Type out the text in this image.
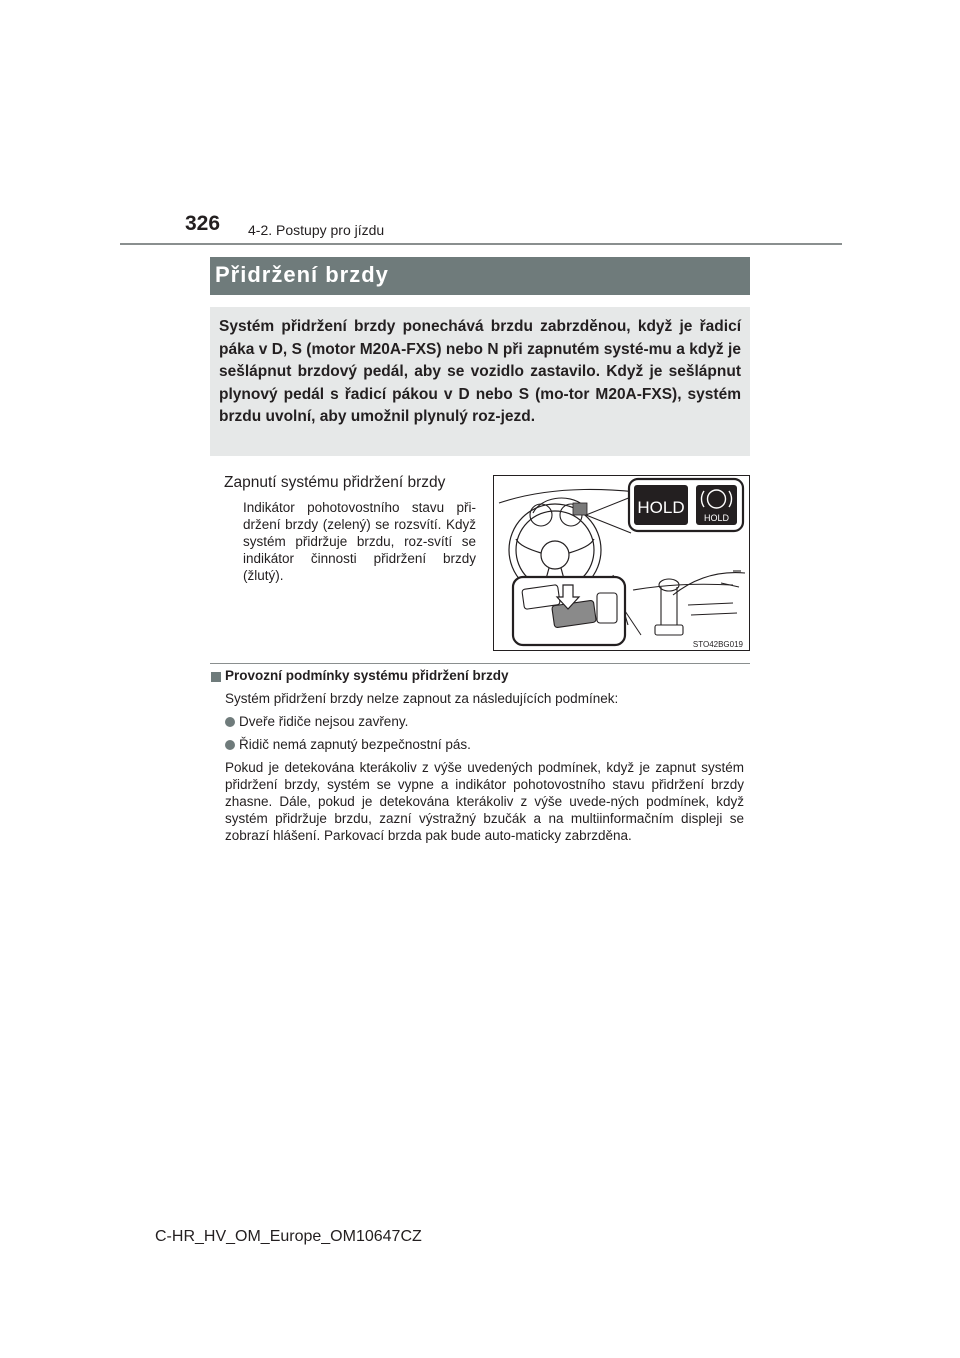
326 4-2. Postupy pro jízdu
Přidržení brzdy

Systém přidržení brzdy ponechává brzdu zabrzděnou, když je řadicí páka v D, S (motor M20A-FXS) nebo N při zapnutém systé-mu a když je sešlápnut brzdový pedál, aby se vozidlo zastavilo. Když je sešlápnut plynový pedál s řadicí pákou v D nebo S (mo-tor M20A-FXS), systém brzdu uvolní, aby umožnil plynulý roz-jezd.

Zapnutí systému přidržení brzdy
Indikátor pohotovostního stavu při-držení brzdy (zelený) se rozsvítí. Když systém přidržuje brzdu, roz-svítí se indikátor činnosti přidržení brzdy (žlutý).
HOLD
HOLD
STO42BG019
Provozní podmínky systému přidržení brzdy
Systém přidržení brzdy nelze zapnout za následujících podmínek:
Dveře řidiče nejsou zavřeny.
Řidič nemá zapnutý bezpečnostní pás.
Pokud je detekována kterákoliv z výše uvedených podmínek, když je zapnut systém přidržení brzdy, systém se vypne a indikátor pohotovostního stavu přidržení brzdy zhasne. Dále, pokud je detekována kterákoliv z výše uvede-ných podmínek, když systém přidržuje brzdu, zazní výstražný bzučák a na multiinformačním displeji se zobrazí hlášení. Parkovací brzda pak bude auto-maticky zabrzděna.
C-HR_HV_OM_Europe_OM10647CZ
